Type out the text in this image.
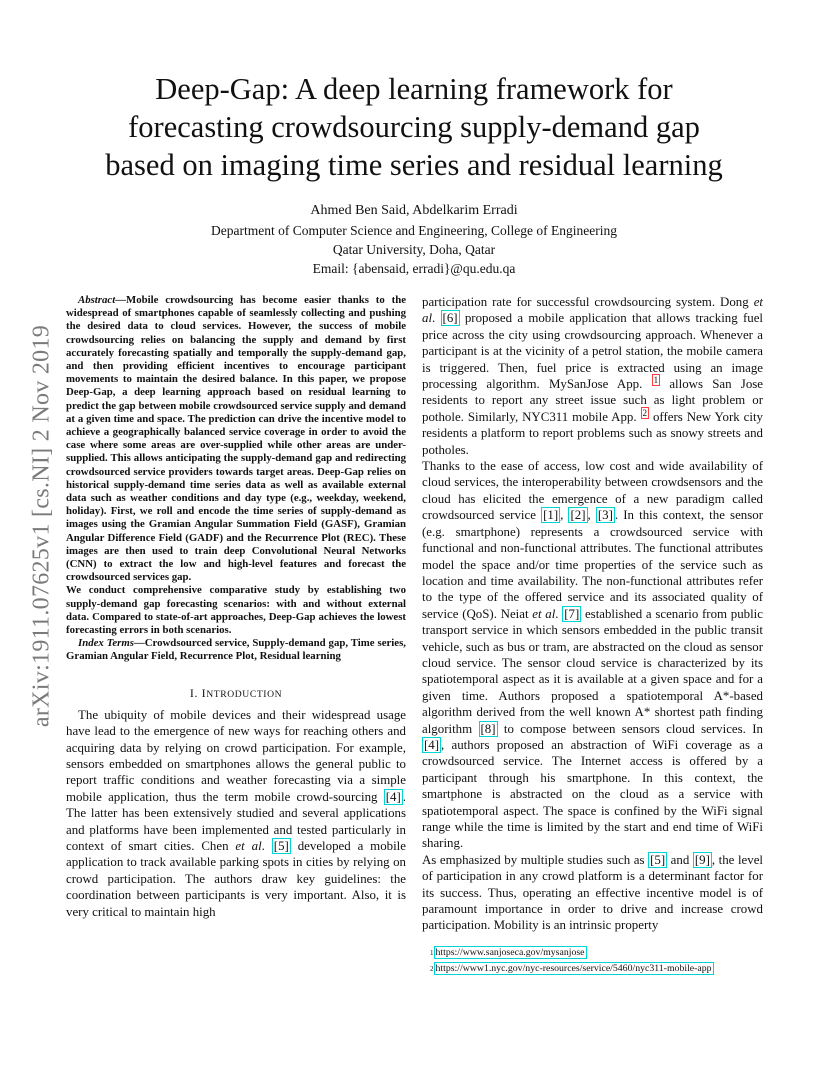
Deep-Gap: A deep learning framework for
forecasting crowdsourcing supply-demand gap
based on imaging time series and residual learning
Ahmed Ben Said, Abdelkarim Erradi
Department of Computer Science and Engineering, College of Engineering
Qatar University, Doha, Qatar
Email: {abensaid, erradi}@qu.edu.qa
arXiv:1911.07625v1 [cs.NI] 2 Nov 2019

Abstract—Mobile crowdsourcing has become easier thanks to the widespread of smartphones capable of seamlessly collecting and pushing the desired data to cloud services. However, the success of mobile crowdsourcing relies on balancing the supply and demand by first accurately forecasting spatially and temporally the supply-demand gap, and then providing efficient incentives to encourage participant movements to maintain the desired balance. In this paper, we propose Deep-Gap, a deep learning approach based on residual learning to predict the gap between mobile crowdsourced service supply and demand at a given time and space. The prediction can drive the incentive model to achieve a geographically balanced service coverage in order to avoid the case where some areas are over-supplied while other areas are under-supplied. This allows anticipating the supply-demand gap and redirecting crowdsourced service providers towards target areas. Deep-Gap relies on historical supply-demand time series data as well as available external data such as weather conditions and day type (e.g., weekday, weekend, holiday). First, we roll and encode the time series of supply-demand as images using the Gramian Angular Summation Field (GASF), Gramian Angular Difference Field (GADF) and the Recurrence Plot (REC). These images are then used to train deep Convolutional Neural Networks (CNN) to extract the low and high-level features and forecast the crowdsourced services gap.

We conduct comprehensive comparative study by establishing two supply-demand gap forecasting scenarios: with and without external data. Compared to state-of-art approaches, Deep-Gap achieves the lowest forecasting errors in both scenarios.

Index Terms—Crowdsourced service, Supply-demand gap, Time series, Gramian Angular Field, Recurrence Plot, Residual learning

I. INTRODUCTION

The ubiquity of mobile devices and their widespread usage have lead to the emergence of new ways for reaching others and acquiring data by relying on crowd participation. For example, sensors embedded on smartphones allows the general public to report traffic conditions and weather forecasting via a simple mobile application, thus the term mobile crowd-sourcing [4] . The latter has been extensively studied and several applications and platforms have been implemented and tested particularly in context of smart cities. Chen et al. [5] developed a mobile application to track available parking spots in cities by relying on crowd participation. The authors draw key guidelines: the coordination between participants is very important. Also, it is very critical to maintain high

participation rate for successful crowdsourcing system. Dong et al. [6] proposed a mobile application that allows tracking fuel price across the city using crowdsourcing approach. Whenever a participant is at the vicinity of a petrol station, the mobile camera is triggered. Then, fuel price is extracted using an image processing algorithm. MySanJose App. $^1$ allows San Jose residents to report any street issue such as light problem or pothole. Similarly, NYC311 mobile App. $^2$ offers New York city residents a platform to report problems such as snowy streets and potholes.

Thanks to the ease of access, low cost and wide availability of cloud services, the interoperability between crowdsensors and the cloud has elicited the emergence of a new paradigm called crowdsourced service [1] , [2] , [3] . In this context, the sensor (e.g. smartphone) represents a crowdsourced service with functional and non-functional attributes. The functional attributes model the space and/or time properties of the service such as location and time availability. The non-functional attributes refer to the type of the offered service and its associated quality of service (QoS). Neiat et al. [7] established a scenario from public transport service in which sensors embedded in the public transit vehicle, such as bus or tram, are abstracted on the cloud as sensor cloud service. The sensor cloud service is characterized by its spatiotemporal aspect as it is available at a given space and for a given time. Authors proposed a spatiotemporal A*-based algorithm derived from the well known A* shortest path finding algorithm [8] to compose between sensors cloud services. In [4] , authors proposed an abstraction of WiFi coverage as a crowdsourced service. The Internet access is offered by a participant through his smartphone. In this context, the smartphone is abstracted on the cloud as a service with spatiotemporal aspect. The space is confined by the WiFi signal range while the time is limited by the start and end time of WiFi sharing.

As emphasized by multiple studies such as [5] and [9] , the level of participation in any crowd platform is a determinant factor for its success. Thus, operating an effective incentive model is of paramount importance in order to drive and increase crowd participation. Mobility is an intrinsic property

$^1$ https://www.sanjoseca.gov/mysanjose
$^2$ https://www1.nyc.gov/nyc-resources/service/5460/nyc311-mobile-app
